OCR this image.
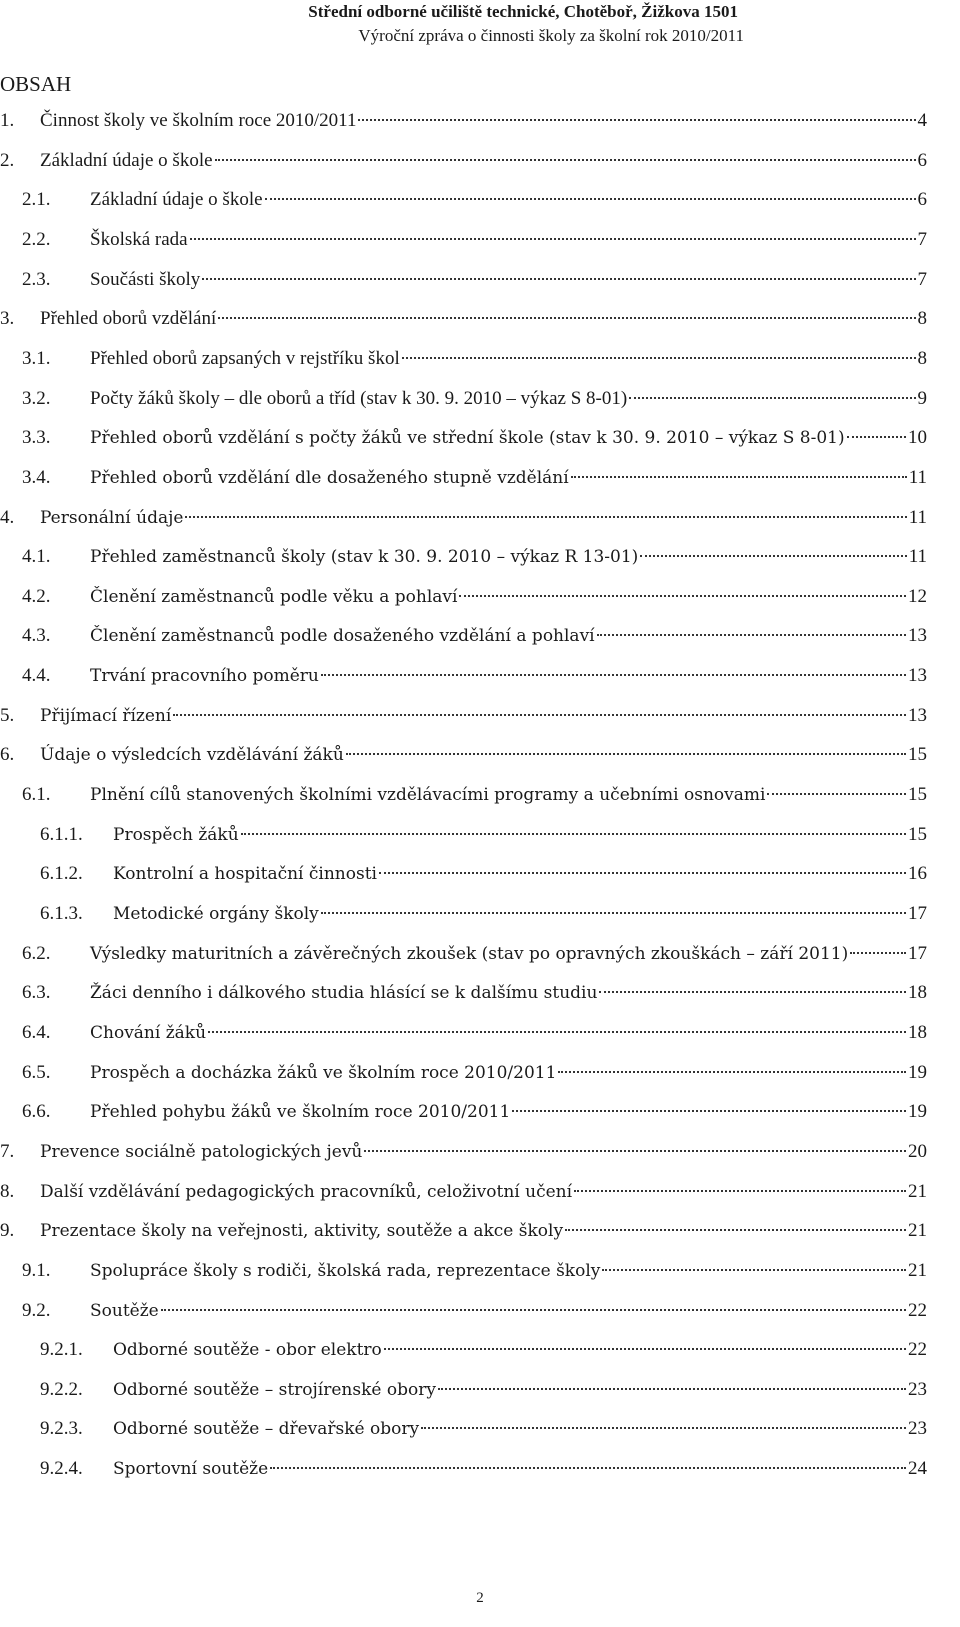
Střední odborné učiliště technické, Chotěboř, Žižkova 1501
Výroční zpráva o činnosti školy za školní rok 2010/2011
OBSAH
1.	Činnost školy ve školním roce 2010/2011	4
2.	Základní údaje o škole	6
2.1.	Základní údaje o škole	6
2.2.	Školská rada	7
2.3.	Součásti školy	7
3.	Přehled oborů vzdělání	8
3.1.	Přehled oborů zapsaných v rejstříku škol	8
3.2.	Počty žáků školy – dle oborů a tříd (stav k 30. 9. 2010 – výkaz S 8-01)	9
3.3.	Přehled oborů vzdělání s počty žáků ve střední škole (stav k 30. 9. 2010 – výkaz S 8-01)	10
3.4.	Přehled oborů vzdělání dle dosaženého stupně vzdělání	11
4.	Personální údaje	11
4.1.	Přehled zaměstnanců školy (stav k 30. 9. 2010 – výkaz R 13-01)	11
4.2.	Členění zaměstnanců podle věku a pohlaví	12
4.3.	Členění zaměstnanců podle dosaženého vzdělání a pohlaví	13
4.4.	Trvání pracovního poměru	13
5.	Přijímací řízení	13
6.	Údaje o výsledcích vzdělávání žáků	15
6.1.	Plnění cílů stanovených školními vzdělávacími programy a učebními osnovami	15
6.1.1.	Prospěch žáků	15
6.1.2.	Kontrolní a hospitační činnosti	16
6.1.3.	Metodické orgány školy	17
6.2.	Výsledky maturitních a závěrečných zkoušek (stav po opravných zkouškách – září 2011)	17
6.3.	Žáci denního i dálkového studia hlásící se k dalšímu studiu	18
6.4.	Chování žáků	18
6.5.	Prospěch a docházka žáků ve školním roce 2010/2011	19
6.6.	Přehled pohybu žáků ve školním roce 2010/2011	19
7.	Prevence sociálně patologických jevů	20
8.	Další vzdělávání pedagogických pracovníků, celoživotní učení	21
9.	Prezentace školy na veřejnosti, aktivity, soutěže a akce školy	21
9.1.	Spolupráce školy s rodiči, školská rada, reprezentace školy	21
9.2.	Soutěže	22
9.2.1.	Odborné soutěže - obor elektro	22
9.2.2.	Odborné soutěže – strojírenské obory	23
9.2.3.	Odborné soutěže – dřevařské obory	23
9.2.4.	Sportovní soutěže	24
2
